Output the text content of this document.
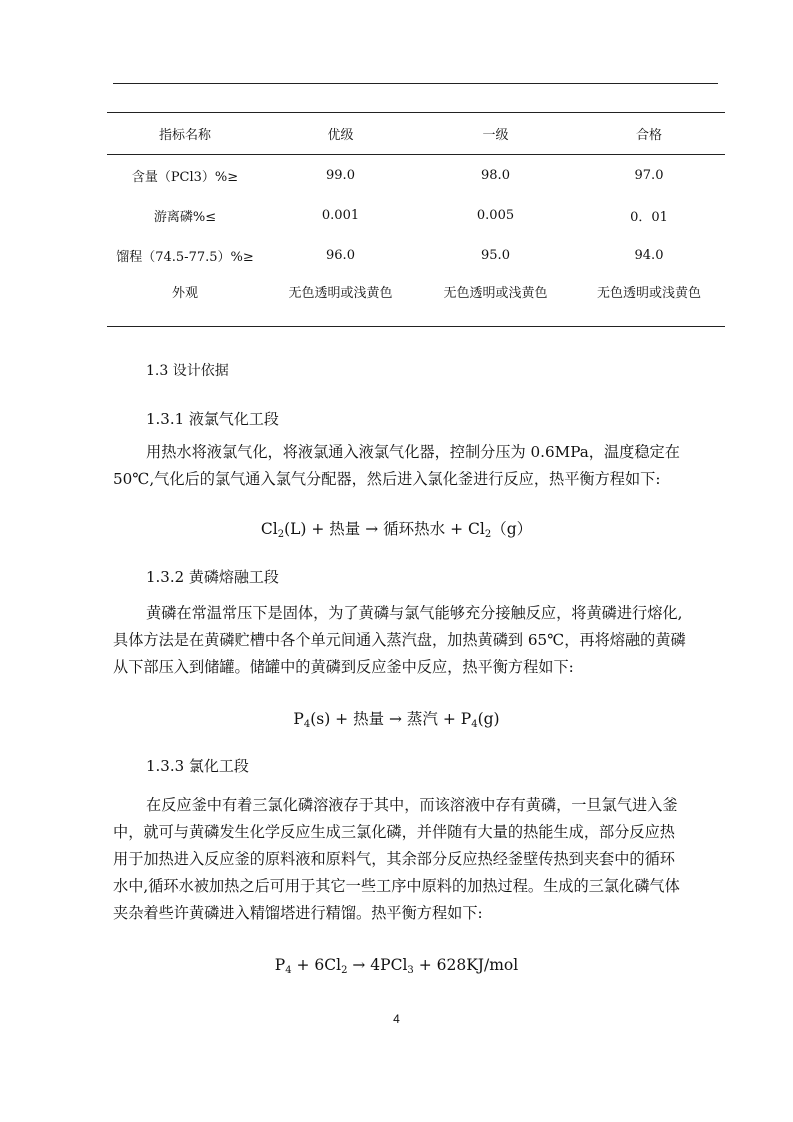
指标名称	优级	一级	合格
含量（PCl3）%≥	99.0	98.0	97.0
游离磷%≤	0.001	0.005	0．01
馏程（74.5-77.5）%≥	96.0	95.0	94.0
外观	无色透明或浅黄色	无色透明或浅黄色	无色透明或浅黄色
1.3 设计依据
1.3.1 液氯气化工段

用热水将液氯气化，将液氯通入液氯气化器，控制分压为 0.6MPa，温度稳定在

50℃,气化后的氯气通入氯气分配器，然后进入氯化釜进行反应，热平衡方程如下:

$Cl_2(L)$ + 热量 → 循环热水 + $Cl_2(g)$
1.3.2 黄磷熔融工段

黄磷在常温常压下是固体，为了黄磷与氯气能够充分接触反应，将黄磷进行熔化,

具体方法是在黄磷贮槽中各个单元间通入蒸汽盘，加热黄磷到 65℃，再将熔融的黄磷

从下部压入到储罐。储罐中的黄磷到反应釜中反应，热平衡方程如下:

$P_4(s)$ + 热量 → 蒸汽 + $P_4(g)$
1.3.3 氯化工段

在反应釜中有着三氯化磷溶液存于其中，而该溶液中存有黄磷，一旦氯气进入釜

中，就可与黄磷发生化学反应生成三氯化磷，并伴随有大量的热能生成，部分反应热

用于加热进入反应釜的原料液和原料气，其余部分反应热经釜壁传热到夹套中的循环

水中,循环水被加热之后可用于其它一些工序中原料的加热过程。生成的三氯化磷气体

夹杂着些许黄磷进入精馏塔进行精馏。热平衡方程如下:

$P_4 + 6Cl_2 \to 4PCl_3 + 628KJ/mol$
4
